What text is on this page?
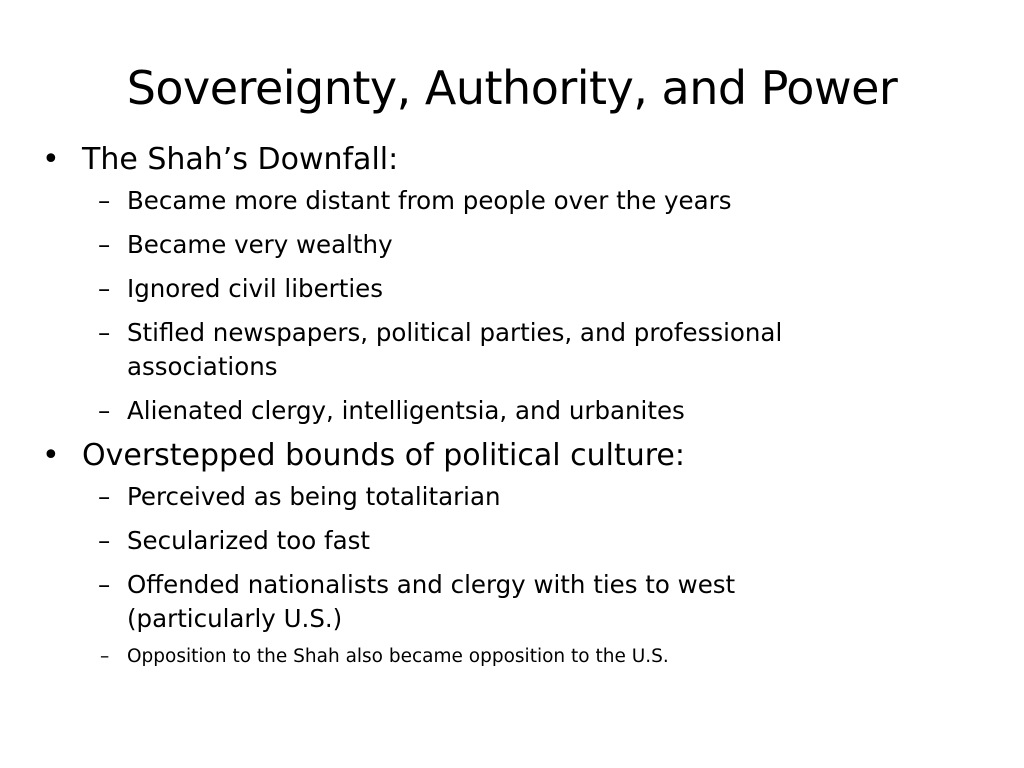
Sovereignty, Authority, and Power
• The Shah’s Downfall:
– Became more distant from people over the years
– Became very wealthy
– Ignored civil liberties
– Stifled newspapers, political parties, and professional associations
– Alienated clergy, intelligentsia, and urbanites
• Overstepped bounds of political culture:
– Perceived as being totalitarian
– Secularized too fast
– Offended nationalists and clergy with ties to west (particularly U.S.)
– Opposition to the Shah also became opposition to the U.S.
